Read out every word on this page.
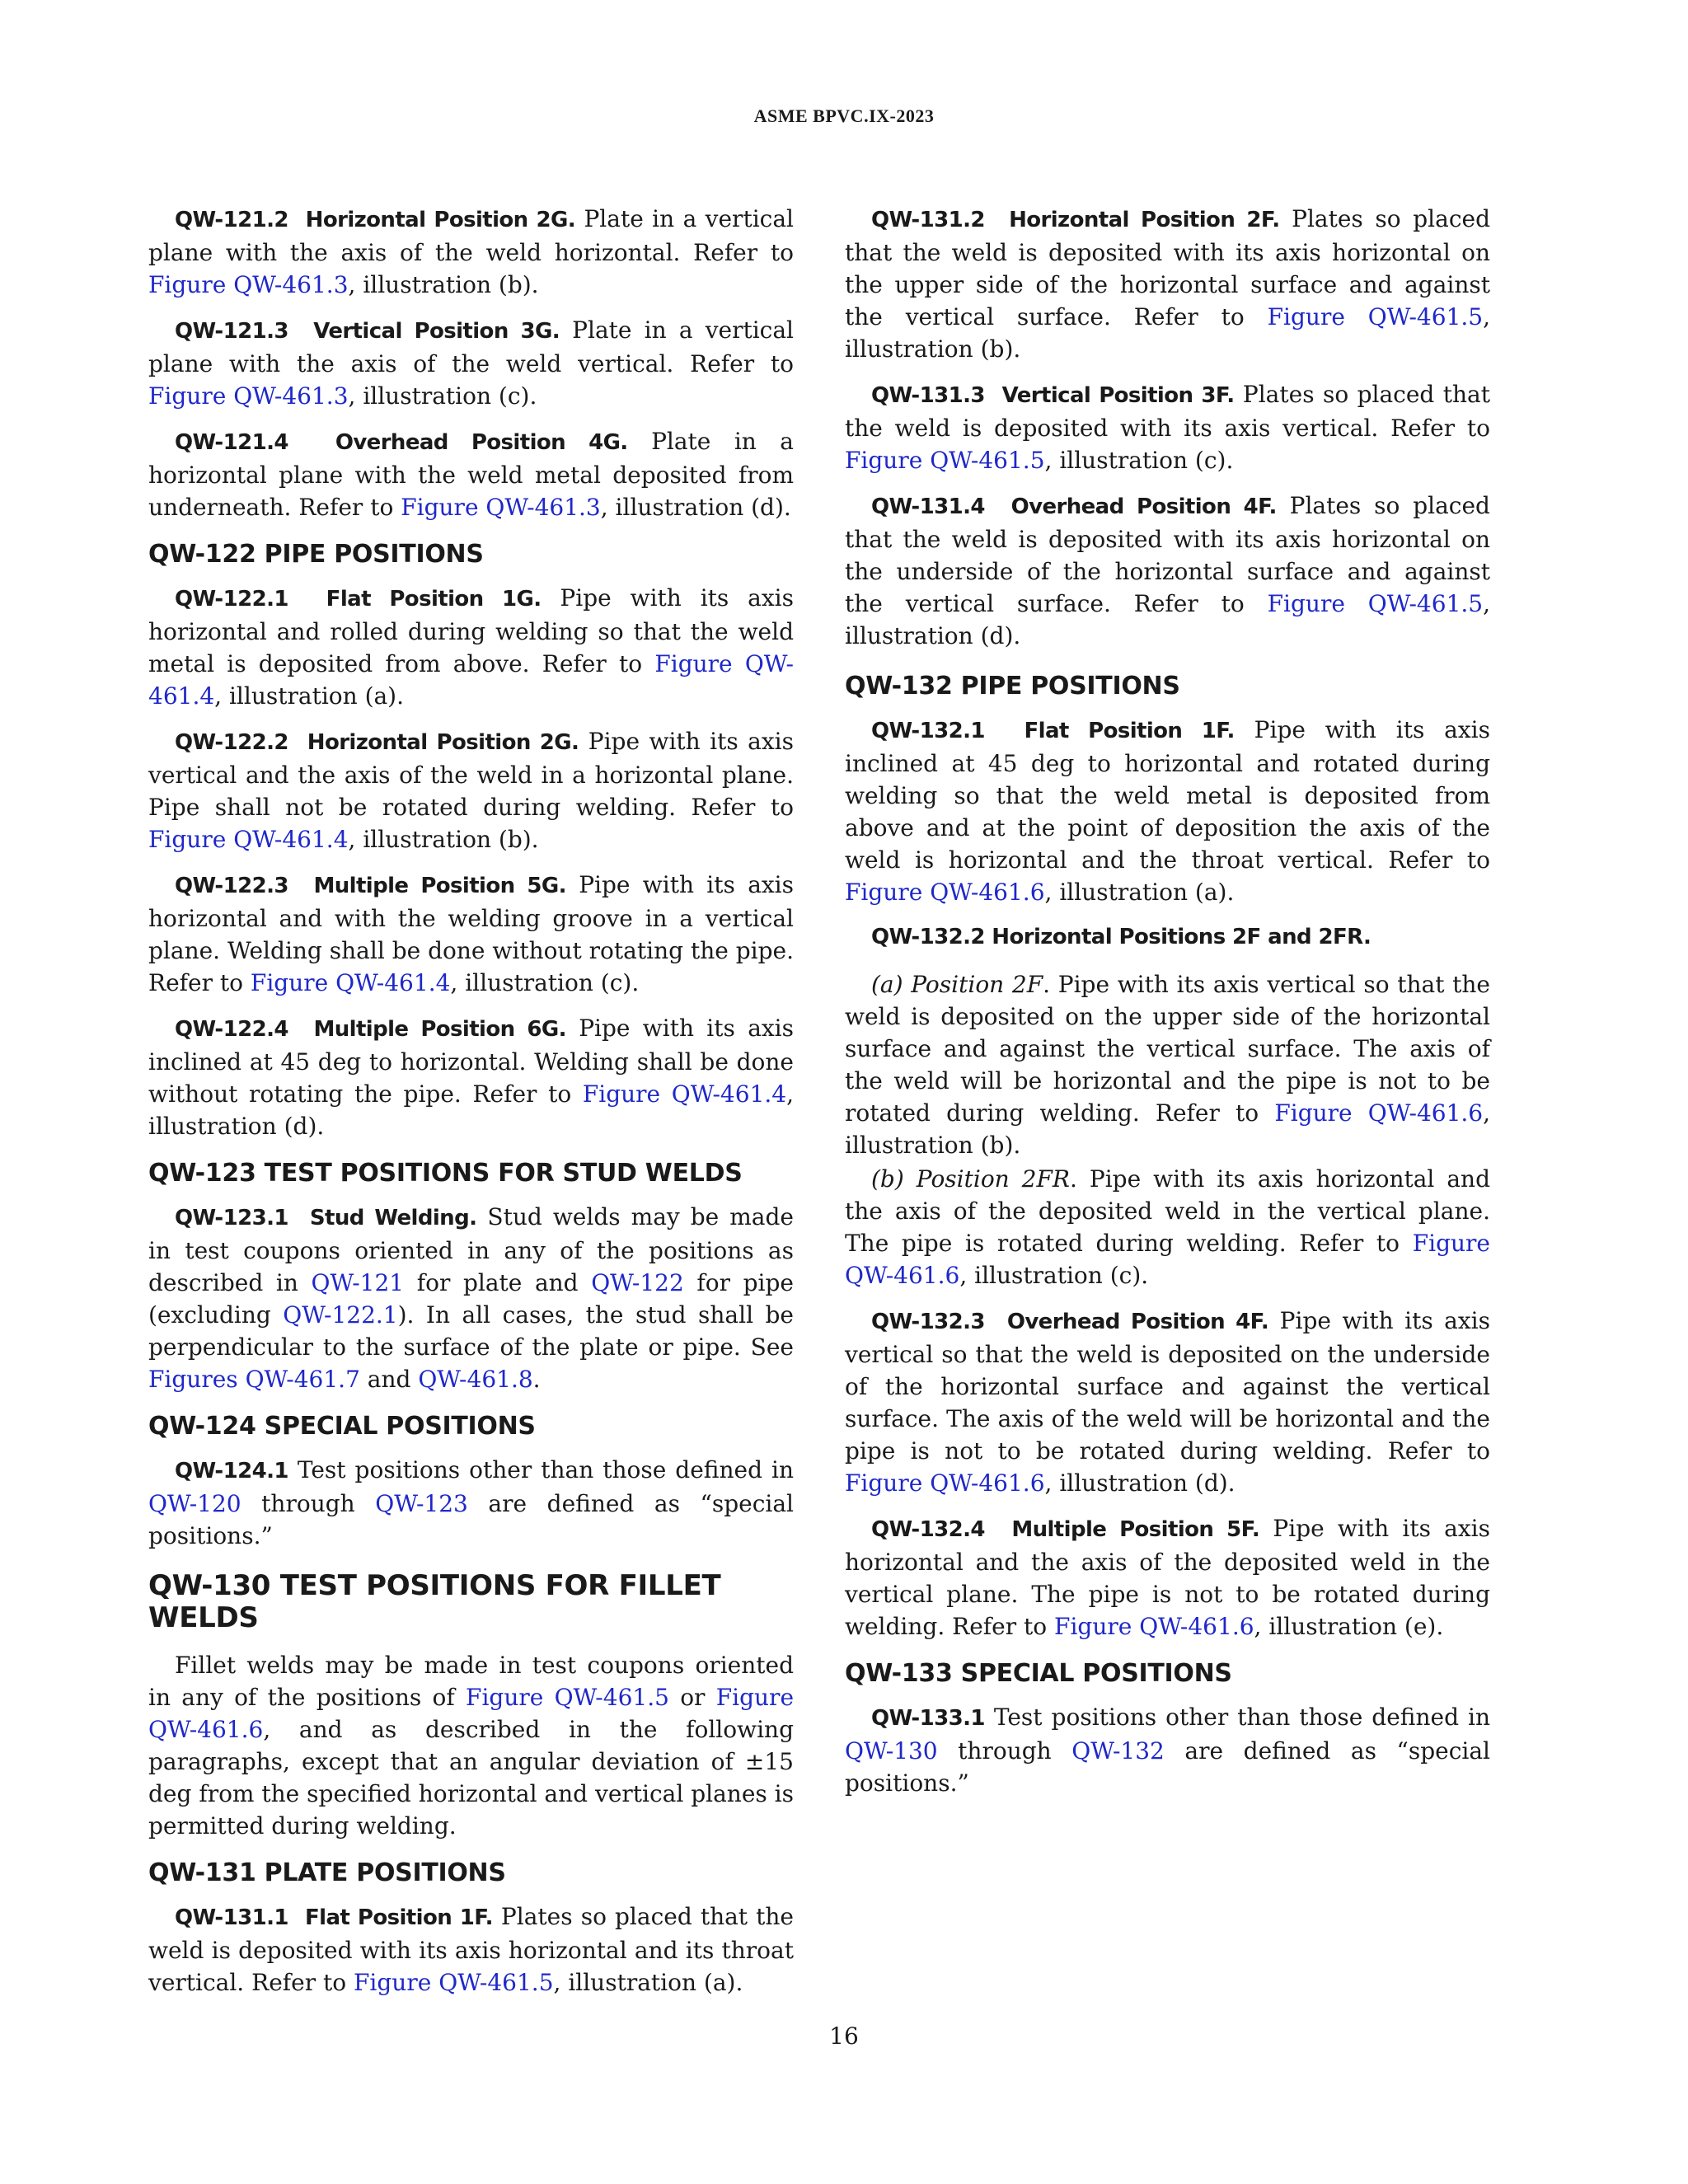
ASME BPVC.IX-2023

QW-121.2 Horizontal Position 2G. Plate in a vertical plane with the axis of the weld horizontal. Refer to Figure QW-461.3, illustration (b).

QW-121.3 Vertical Position 3G. Plate in a vertical plane with the axis of the weld vertical. Refer to Figure QW-461.3, illustration (c).

QW-121.4 Overhead Position 4G. Plate in a horizontal plane with the weld metal deposited from underneath. Refer to Figure QW-461.3, illustration (d).

QW-122 PIPE POSITIONS

QW-122.1 Flat Position 1G. Pipe with its axis horizontal and rolled during welding so that the weld metal is deposited from above. Refer to Figure QW-461.4, illustration (a).

QW-122.2 Horizontal Position 2G. Pipe with its axis vertical and the axis of the weld in a horizontal plane. Pipe shall not be rotated during welding. Refer to Figure QW-461.4, illustration (b).

QW-122.3 Multiple Position 5G. Pipe with its axis horizontal and with the welding groove in a vertical plane. Welding shall be done without rotating the pipe. Refer to Figure QW-461.4, illustration (c).

QW-122.4 Multiple Position 6G. Pipe with its axis inclined at 45 deg to horizontal. Welding shall be done without rotating the pipe. Refer to Figure QW-461.4, illustration (d).

QW-123 TEST POSITIONS FOR STUD WELDS

QW-123.1 Stud Welding. Stud welds may be made in test coupons oriented in any of the positions as described in QW-121 for plate and QW-122 for pipe (excluding QW-122.1). In all cases, the stud shall be perpendicular to the surface of the plate or pipe. See Figures QW-461.7 and QW-461.8.

QW-124 SPECIAL POSITIONS

QW-124.1 Test positions other than those defined in QW-120 through QW-123 are defined as “special positions.”

QW-130 TEST POSITIONS FOR FILLET WELDS

Fillet welds may be made in test coupons oriented in any of the positions of Figure QW-461.5 or Figure QW-461.6, and as described in the following paragraphs, except that an angular deviation of ±15 deg from the specified horizontal and vertical planes is permitted during welding.

QW-131 PLATE POSITIONS

QW-131.1 Flat Position 1F. Plates so placed that the weld is deposited with its axis horizontal and its throat vertical. Refer to Figure QW-461.5, illustration (a).

QW-131.2 Horizontal Position 2F. Plates so placed that the weld is deposited with its axis horizontal on the upper side of the horizontal surface and against the vertical surface. Refer to Figure QW-461.5, illustration (b).

QW-131.3 Vertical Position 3F. Plates so placed that the weld is deposited with its axis vertical. Refer to Figure QW-461.5, illustration (c).

QW-131.4 Overhead Position 4F. Plates so placed that the weld is deposited with its axis horizontal on the underside of the horizontal surface and against the vertical surface. Refer to Figure QW-461.5, illustration (d).

QW-132 PIPE POSITIONS

QW-132.1 Flat Position 1F. Pipe with its axis inclined at 45 deg to horizontal and rotated during welding so that the weld metal is deposited from above and at the point of deposition the axis of the weld is horizontal and the throat vertical. Refer to Figure QW-461.6, illustration (a).

QW-132.2 Horizontal Positions 2F and 2FR.

(a) Position 2F. Pipe with its axis vertical so that the weld is deposited on the upper side of the horizontal surface and against the vertical surface. The axis of the weld will be horizontal and the pipe is not to be rotated during welding. Refer to Figure QW-461.6, illustration (b).

(b) Position 2FR. Pipe with its axis horizontal and the axis of the deposited weld in the vertical plane. The pipe is rotated during welding. Refer to Figure QW-461.6, illustration (c).

QW-132.3 Overhead Position 4F. Pipe with its axis vertical so that the weld is deposited on the underside of the horizontal surface and against the vertical surface. The axis of the weld will be horizontal and the pipe is not to be rotated during welding. Refer to Figure QW-461.6, illustration (d).

QW-132.4 Multiple Position 5F. Pipe with its axis horizontal and the axis of the deposited weld in the vertical plane. The pipe is not to be rotated during welding. Refer to Figure QW-461.6, illustration (e).

QW-133 SPECIAL POSITIONS

QW-133.1 Test positions other than those defined in QW-130 through QW-132 are defined as “special positions.”

16
